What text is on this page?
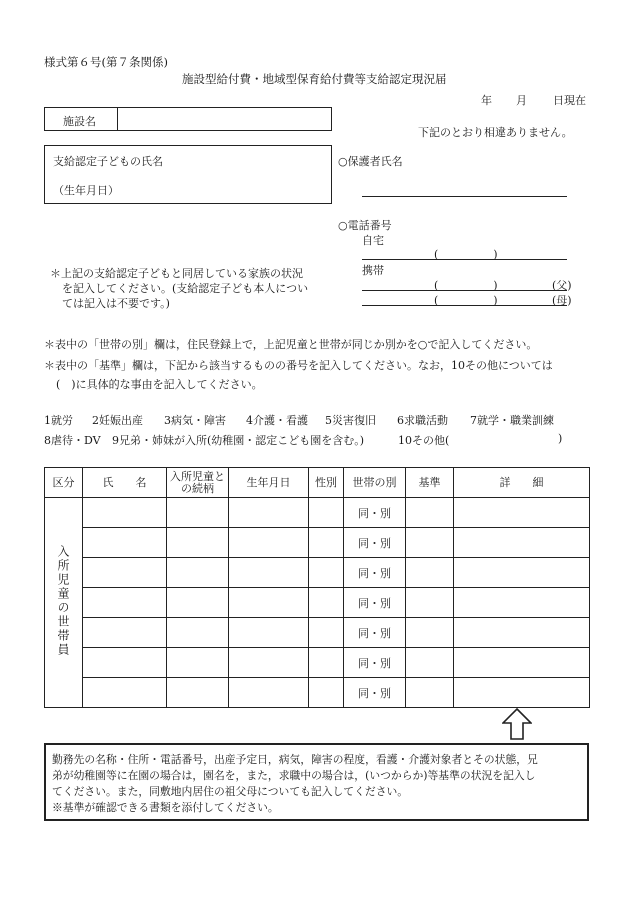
様式第６号(第７条関係)
施設型給付費・地域型保育給付費等支給認定現況届
年 月 日現在
施設名
下記のとおり相違ありません。
支給認定子どもの氏名
（生年月日）
○保護者氏名
○電話番号
自宅
(　　　　　)
携帯
(　　　　　)	(父)
(　　　　　)	(母)
＊上記の支給認定子どもと同居している家族の状況
を記入してください。(支給認定子ども本人につい
ては記入は不要です。)
＊表中の「世帯の別」欄は，住民登録上で，上記児童と世帯が同じか別かを○で記入してください。
＊表中の「基準」欄は，下記から該当するものの番号を記入してください。なお，10その他については
(　)に具体的な事由を記入してください。
1就労 2妊娠出産 3病気・障害 4介護・看護 5災害復旧 6求職活動 7就学・職業訓練
8虐待・DV 9兄弟・姉妹が入所(幼稚園・認定こども園を含む。)	10その他(	)
区分	氏　　名	入所児童との続柄	生年月日	性別	世帯の別	基準	詳　　細
入所児童の世帯員					同・別		
					同・別		
					同・別		
					同・別		
					同・別		
					同・別		
					同・別		
勤務先の名称・住所・電話番号，出産予定日，病気，障害の程度，看護・介護対象者とその状態，兄
弟が幼稚園等に在園の場合は，園名を，また，求職中の場合は，(いつからか)等基準の状況を記入し
てください。また，同敷地内居住の祖父母についても記入してください。
※基準が確認できる書類を添付してください。
